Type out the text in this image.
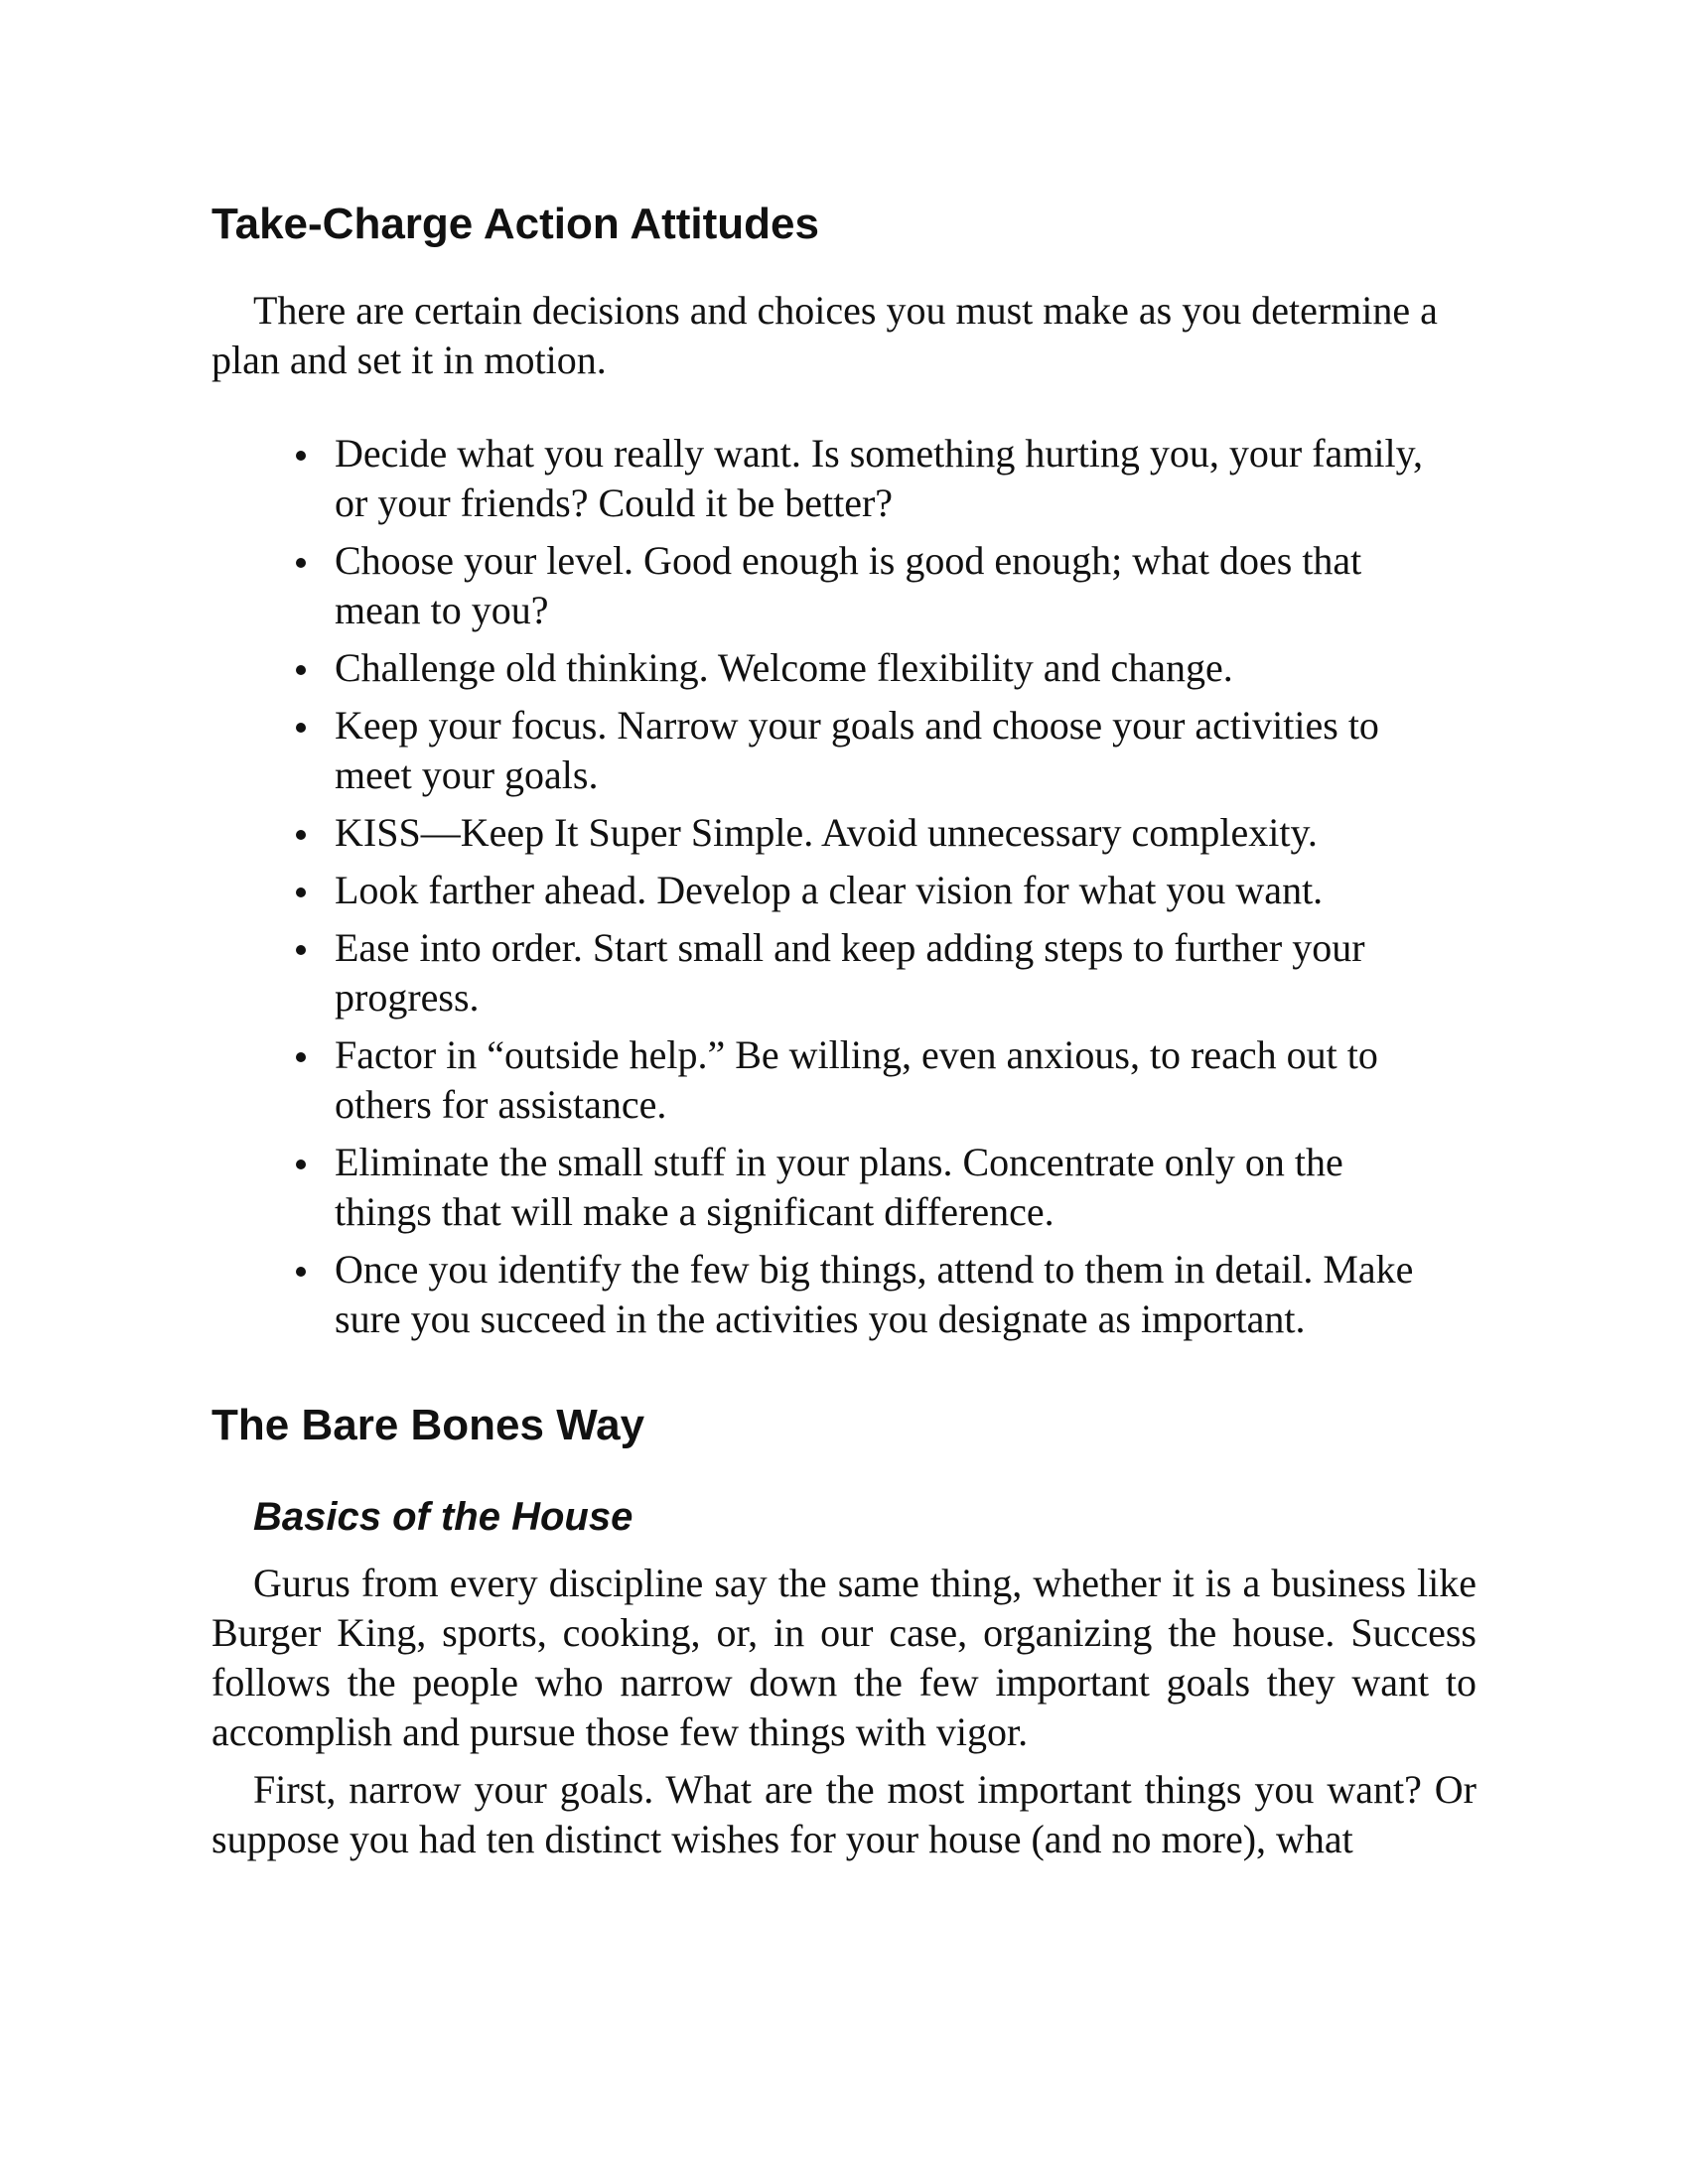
Take-Charge Action Attitudes

There are certain decisions and choices you must make as you determine a plan and set it in motion.

Decide what you really want. Is something hurting you, your family, or your friends? Could it be better?
Choose your level. Good enough is good enough; what does that mean to you?
Challenge old thinking. Welcome flexibility and change.
Keep your focus. Narrow your goals and choose your activities to meet your goals.
KISS—Keep It Super Simple. Avoid unnecessary complexity.
Look farther ahead. Develop a clear vision for what you want.
Ease into order. Start small and keep adding steps to further your progress.
Factor in “outside help.” Be willing, even anxious, to reach out to others for assistance.
Eliminate the small stuff in your plans. Concentrate only on the things that will make a significant difference.
Once you identify the few big things, attend to them in detail. Make sure you succeed in the activities you designate as important.
The Bare Bones Way
Basics of the House

Gurus from every discipline say the same thing, whether it is a business like Burger King, sports, cooking, or, in our case, organizing the house. Success follows the people who narrow down the few important goals they want to accomplish and pursue those few things with vigor.

First, narrow your goals. What are the most important things you want? Or suppose you had ten distinct wishes for your house (and no more), what
